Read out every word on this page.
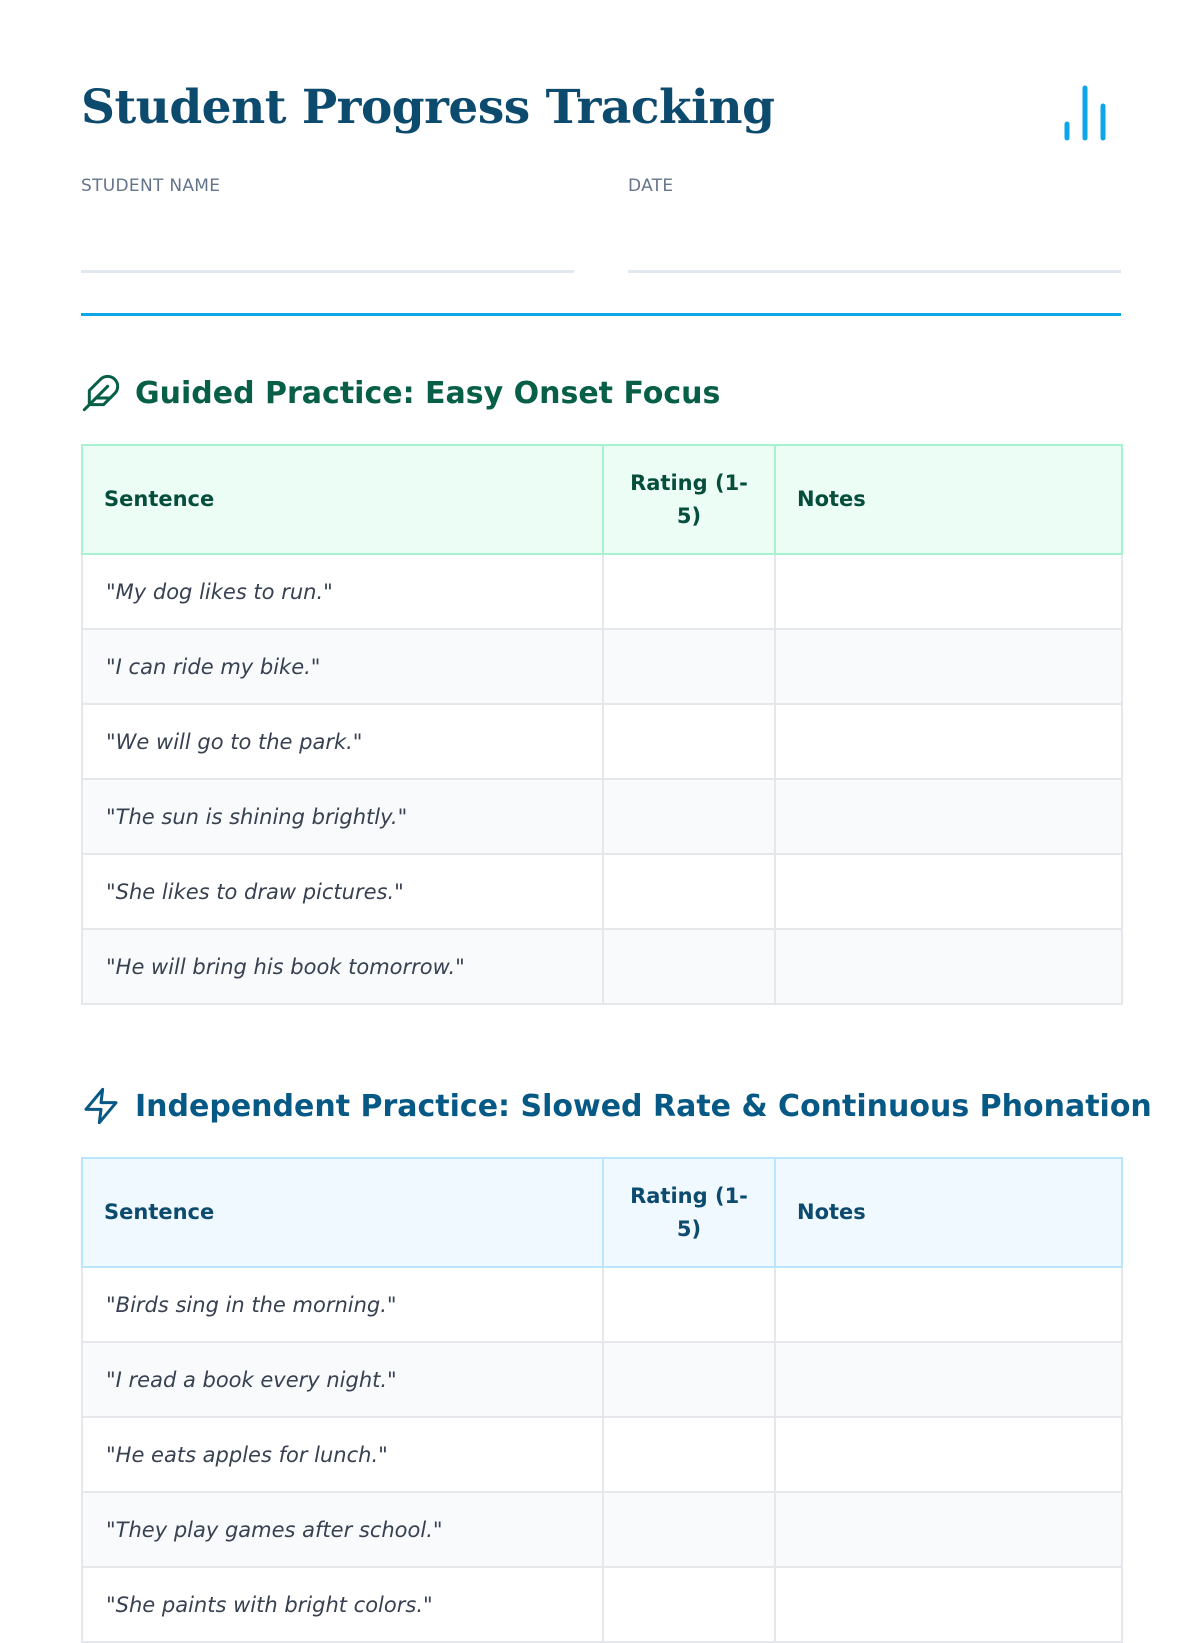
Student Progress Tracking
STUDENT NAME	DATE
Guided Practice: Easy Onset Focus
Sentence	Rating (1-5)	Notes
"My dog likes to run."		
"I can ride my bike."		
"We will go to the park."		
"The sun is shining brightly."		
"She likes to draw pictures."		
"He will bring his book tomorrow."		
Independent Practice: Slowed Rate & Continuous Phonation
Sentence	Rating (1-5)	Notes
"Birds sing in the morning."		
"I read a book every night."		
"He eats apples for lunch."		
"They play games after school."		
"She paints with bright colors."		
